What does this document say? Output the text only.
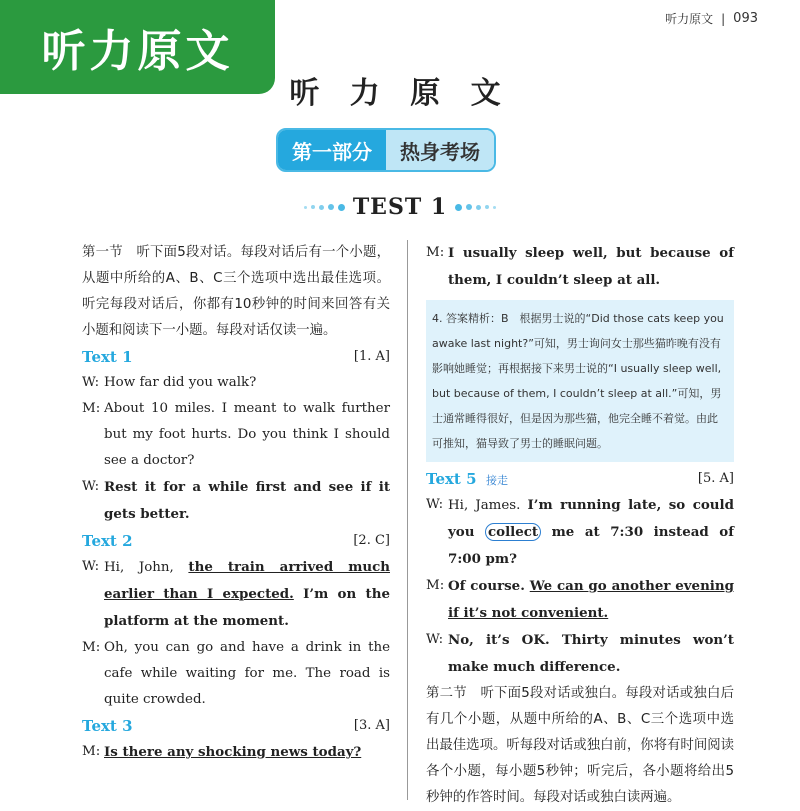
听力原文
听力原文 | 093
听 力 原 文
第一部分	热身考场
TEST 1

第一节　听下面5段对话。每段对话后有一个小题，从题中所给的A、B、C三个选项中选出最佳选项。听完每段对话后，你都有10秒钟的时间来回答有关小题和阅读下一小题。每段对话仅读一遍。

Text 1	[1. A]
W: How far did you walk?
M: About 10 miles. I meant to walk further but my foot hurts. Do you think I should see a doctor?
W: Rest it for a while first and see if it gets better.
Text 2	[2. C]
W: Hi, John, the train arrived much earlier than I expected. I’m on the platform at the moment.
M: Oh, you can go and have a drink in the cafe while waiting for me. The road is quite crowded.
Text 3	[3. A]
M: Is there any shocking news today?
M: I usually sleep well, but because of them, I couldn’t sleep at all.
4. 答案精析：B　根据男士说的“Did those cats keep you awake last night?”可知，男士询问女士那些猫昨晚有没有影响她睡觉；再根据接下来男士说的“I usually sleep well, but because of them, I couldn’t sleep at all.”可知，男士通常睡得很好，但是因为那些猫，他完全睡不着觉。由此可推知，猫导致了男士的睡眠问题。
Text 5	[5. A]
W: Hi, James. I’m running late, so could you collect me at 7:30 instead of 7:00 pm?
接走
M: Of course. We can go another evening if it’s not convenient.
W: No, it’s OK. Thirty minutes won’t make much difference.

第二节　听下面5段对话或独白。每段对话或独白后有几个小题，从题中所给的A、B、C三个选项中选出最佳选项。听每段对话或独白前，你将有时间阅读各个小题，每小题5秒钟；听完后，各小题将给出5秒钟的作答时间。每段对话或独白读两遍。
